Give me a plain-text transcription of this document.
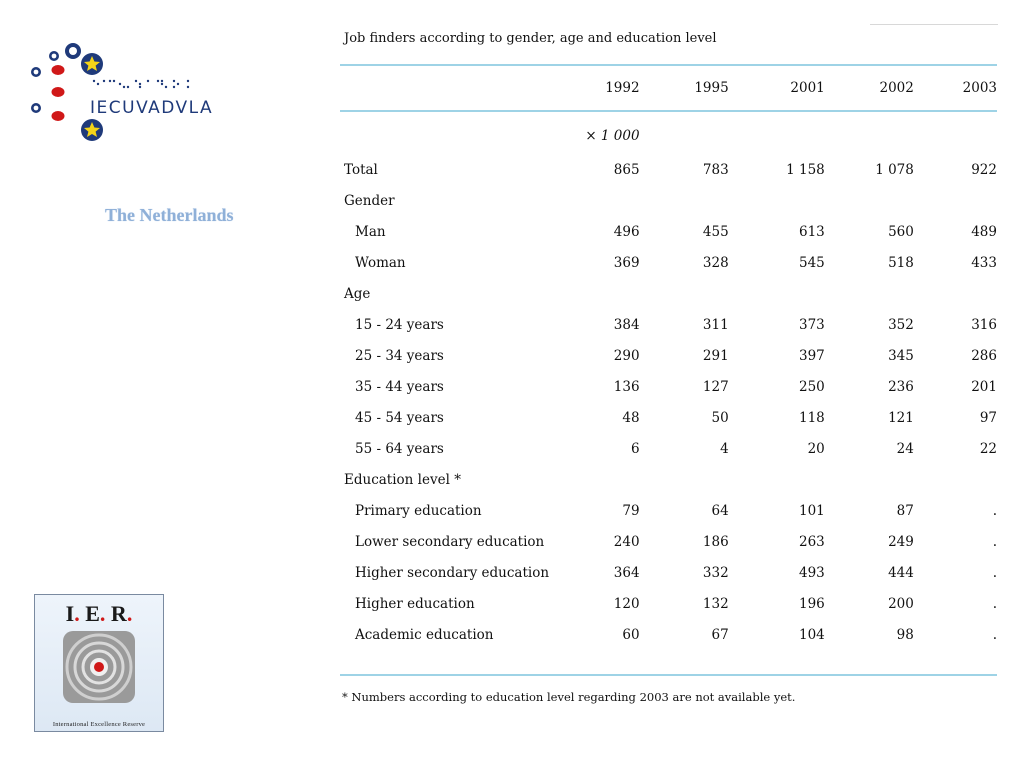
IECUVADVLA
The Netherlands
I. E. R.
International Excellence Reserve
Job finders according to gender, age and education level
	1992	1995	2001	2002	2003

	× 1 000				
Total	865	783	1 158	1 078	922
Gender					
Man	496	455	613	560	489
Woman	369	328	545	518	433
Age					
15 - 24 years	384	311	373	352	316
25 - 34 years	290	291	397	345	286
35 - 44 years	136	127	250	236	201
45 - 54 years	48	50	118	121	97
55 - 64 years	6	4	20	24	22
Education level *					
Primary education	79	64	101	87	.
Lower secondary education	240	186	263	249	.
Higher secondary education	364	332	493	444	.
Higher education	120	132	196	200	.
Academic education	60	67	104	98	.
* Numbers according to education level regarding 2003 are not available yet.
